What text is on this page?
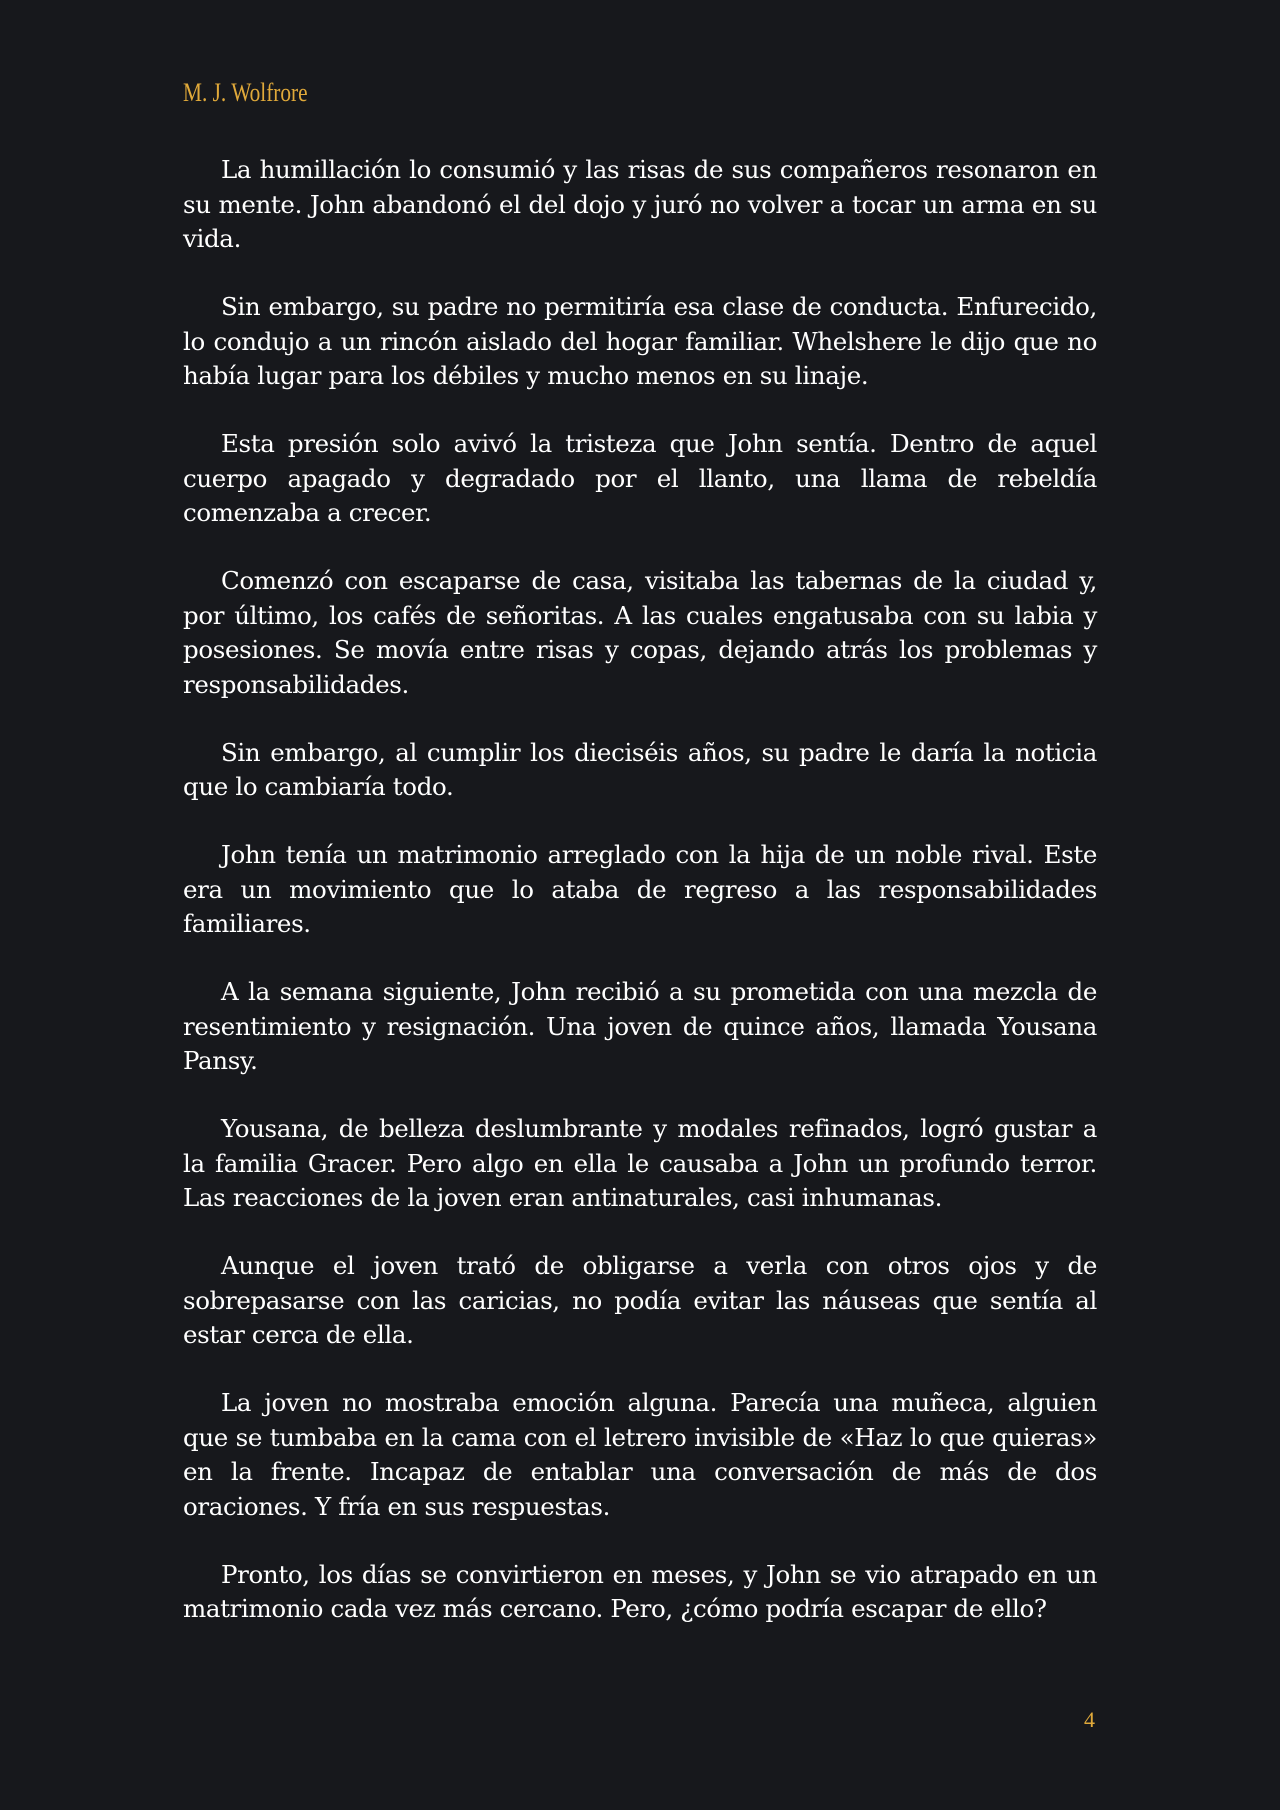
M. J. Wolfrore

La humillación lo consumió y las risas de sus compañeros resonaron en su mente. John abandonó el del dojo y juró no volver a tocar un arma en su vida.

Sin embargo, su padre no permitiría esa clase de conducta. Enfurecido, lo condujo a un rincón aislado del hogar familiar. Whelshere le dijo que no había lugar para los débiles y mucho menos en su linaje.

Esta presión solo avivó la tristeza que John sentía. Dentro de aquel cuerpo apagado y degradado por el llanto, una llama de rebeldía comenzaba a crecer.

Comenzó con escaparse de casa, visitaba las tabernas de la ciudad y, por último, los cafés de señoritas. A las cuales engatusaba con su labia y posesiones. Se movía entre risas y copas, dejando atrás los problemas y responsabilidades.

Sin embargo, al cumplir los dieciséis años, su padre le daría la noticia que lo cambiaría todo.

John tenía un matrimonio arreglado con la hija de un noble rival. Este era un movimiento que lo ataba de regreso a las responsabilidades familiares.

A la semana siguiente, John recibió a su prometida con una mezcla de resentimiento y resignación. Una joven de quince años, llamada Yousana Pansy.

Yousana, de belleza deslumbrante y modales refinados, logró gustar a la familia Gracer. Pero algo en ella le causaba a John un profundo terror. Las reacciones de la joven eran antinaturales, casi inhumanas.

Aunque el joven trató de obligarse a verla con otros ojos y de sobrepasarse con las caricias, no podía evitar las náuseas que sentía al estar cerca de ella.

La joven no mostraba emoción alguna. Parecía una muñeca, alguien que se tumbaba en la cama con el letrero invisible de «Haz lo que quieras» en la frente. Incapaz de entablar una conversación de más de dos oraciones. Y fría en sus respuestas.

Pronto, los días se convirtieron en meses, y John se vio atrapado en un matrimonio cada vez más cercano. Pero, ¿cómo podría escapar de ello?

4
